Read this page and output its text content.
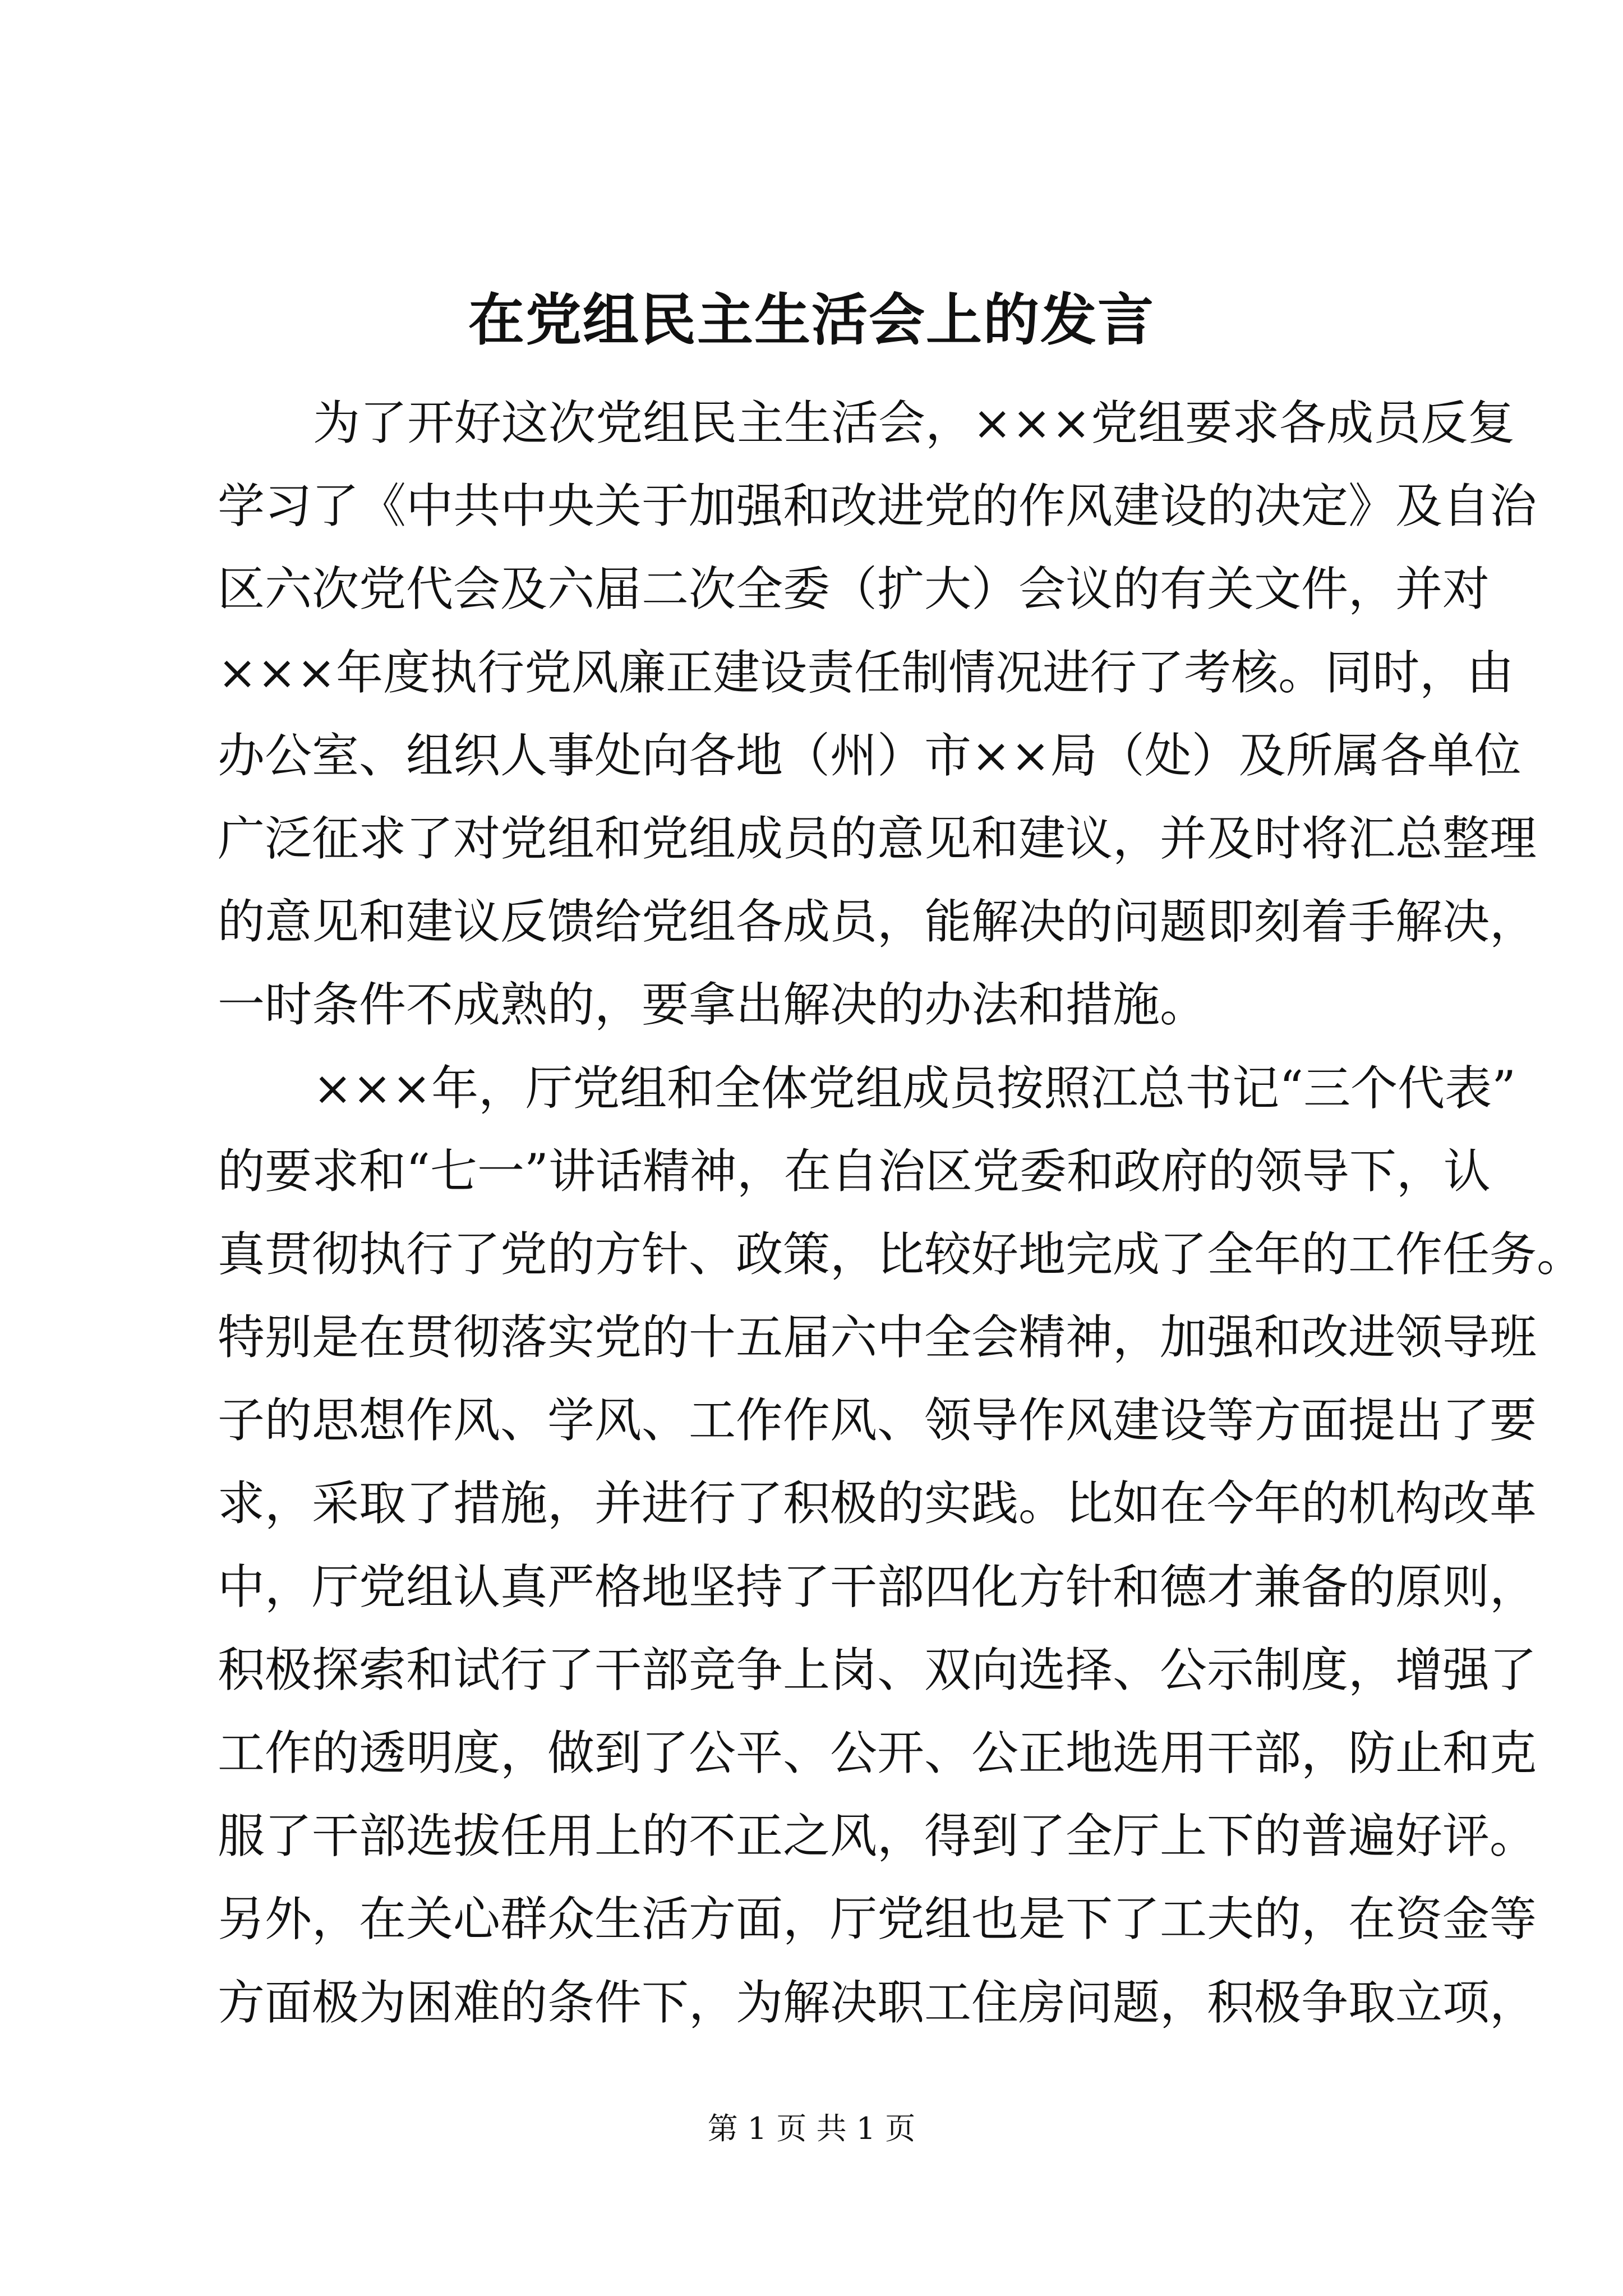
在党组民主生活会上的发言
为了开好这次党组民主生活会，×××党组要求各成员反复
学习了《中共中央关于加强和改进党的作风建设的决定》及自治
区六次党代会及六届二次全委（扩大）会议的有关文件，并对
×××年度执行党风廉正建设责任制情况进行了考核。同时，由
办公室、组织人事处向各地（州）市××局（处）及所属各单位
广泛征求了对党组和党组成员的意见和建议，并及时将汇总整理
的意见和建议反馈给党组各成员，能解决的问题即刻着手解决，
一时条件不成熟的，要拿出解决的办法和措施。
×××年，厅党组和全体党组成员按照江总书记“三个代表”
的要求和“七一”讲话精神，在自治区党委和政府的领导下，认
真贯彻执行了党的方针、政策，比较好地完成了全年的工作任务。
特别是在贯彻落实党的十五届六中全会精神，加强和改进领导班
子的思想作风、学风、工作作风、领导作风建设等方面提出了要
求，采取了措施，并进行了积极的实践。比如在今年的机构改革
中，厅党组认真严格地坚持了干部四化方针和德才兼备的原则，
积极探索和试行了干部竞争上岗、双向选择、公示制度，增强了
工作的透明度，做到了公平、公开、公正地选用干部，防止和克
服了干部选拔任用上的不正之风，得到了全厅上下的普遍好评。
另外，在关心群众生活方面，厅党组也是下了工夫的，在资金等
方面极为困难的条件下，为解决职工住房问题，积极争取立项，
第 1 页 共 1 页
